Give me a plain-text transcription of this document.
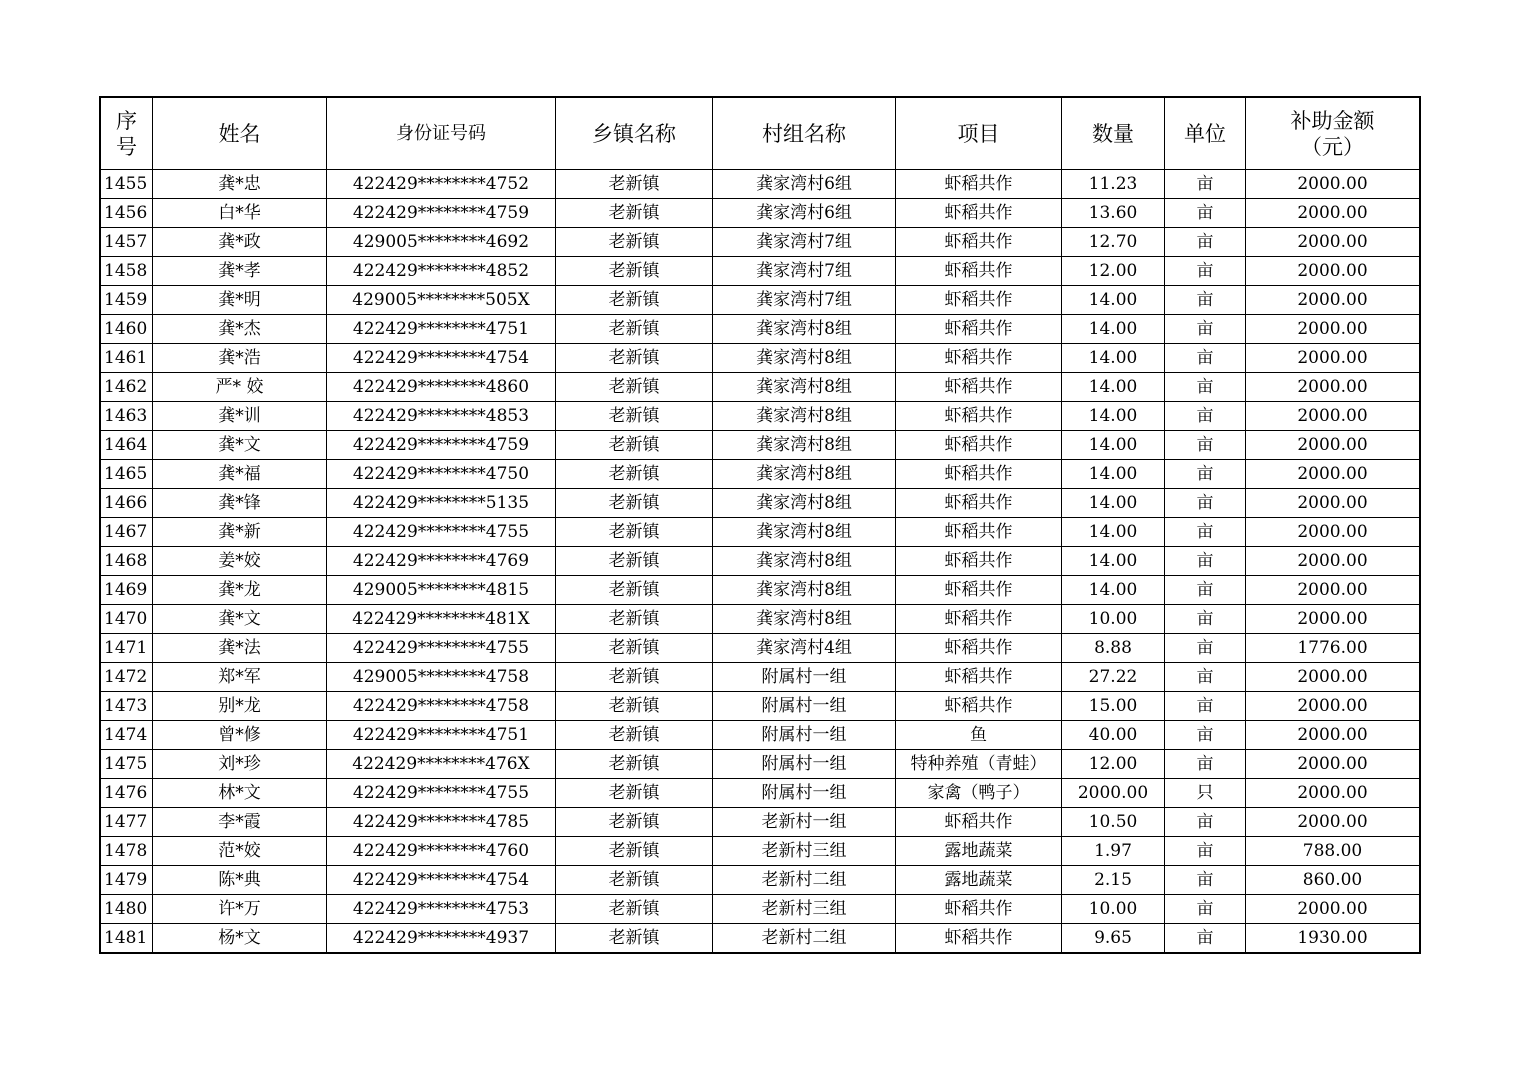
序
号	姓名	身份证号码	乡镇名称	村组名称	项目	数量	单位	补助金额
（元）

1455	龚*忠	422429********4752	老新镇	龚家湾村6组	虾稻共作	11.23	亩	2000.00
1456	白*华	422429********4759	老新镇	龚家湾村6组	虾稻共作	13.60	亩	2000.00
1457	龚*政	429005********4692	老新镇	龚家湾村7组	虾稻共作	12.70	亩	2000.00
1458	龚*孝	422429********4852	老新镇	龚家湾村7组	虾稻共作	12.00	亩	2000.00
1459	龚*明	429005********505X	老新镇	龚家湾村7组	虾稻共作	14.00	亩	2000.00
1460	龚*杰	422429********4751	老新镇	龚家湾村8组	虾稻共作	14.00	亩	2000.00
1461	龚*浩	422429********4754	老新镇	龚家湾村8组	虾稻共作	14.00	亩	2000.00
1462	严* 姣	422429********4860	老新镇	龚家湾村8组	虾稻共作	14.00	亩	2000.00
1463	龚*训	422429********4853	老新镇	龚家湾村8组	虾稻共作	14.00	亩	2000.00
1464	龚*文	422429********4759	老新镇	龚家湾村8组	虾稻共作	14.00	亩	2000.00
1465	龚*福	422429********4750	老新镇	龚家湾村8组	虾稻共作	14.00	亩	2000.00
1466	龚*锋	422429********5135	老新镇	龚家湾村8组	虾稻共作	14.00	亩	2000.00
1467	龚*新	422429********4755	老新镇	龚家湾村8组	虾稻共作	14.00	亩	2000.00
1468	姜*姣	422429********4769	老新镇	龚家湾村8组	虾稻共作	14.00	亩	2000.00
1469	龚*龙	429005********4815	老新镇	龚家湾村8组	虾稻共作	14.00	亩	2000.00
1470	龚*文	422429********481X	老新镇	龚家湾村8组	虾稻共作	10.00	亩	2000.00
1471	龚*法	422429********4755	老新镇	龚家湾村4组	虾稻共作	8.88	亩	1776.00
1472	郑*军	429005********4758	老新镇	附属村一组	虾稻共作	27.22	亩	2000.00
1473	别*龙	422429********4758	老新镇	附属村一组	虾稻共作	15.00	亩	2000.00
1474	曾*修	422429********4751	老新镇	附属村一组	鱼	40.00	亩	2000.00
1475	刘*珍	422429********476X	老新镇	附属村一组	特种养殖（青蛙）	12.00	亩	2000.00
1476	林*文	422429********4755	老新镇	附属村一组	家禽（鸭子）	2000.00	只	2000.00
1477	李*霞	422429********4785	老新镇	老新村一组	虾稻共作	10.50	亩	2000.00
1478	范*姣	422429********4760	老新镇	老新村三组	露地蔬菜	1.97	亩	788.00
1479	陈*典	422429********4754	老新镇	老新村二组	露地蔬菜	2.15	亩	860.00
1480	许*万	422429********4753	老新镇	老新村三组	虾稻共作	10.00	亩	2000.00
1481	杨*文	422429********4937	老新镇	老新村二组	虾稻共作	9.65	亩	1930.00
